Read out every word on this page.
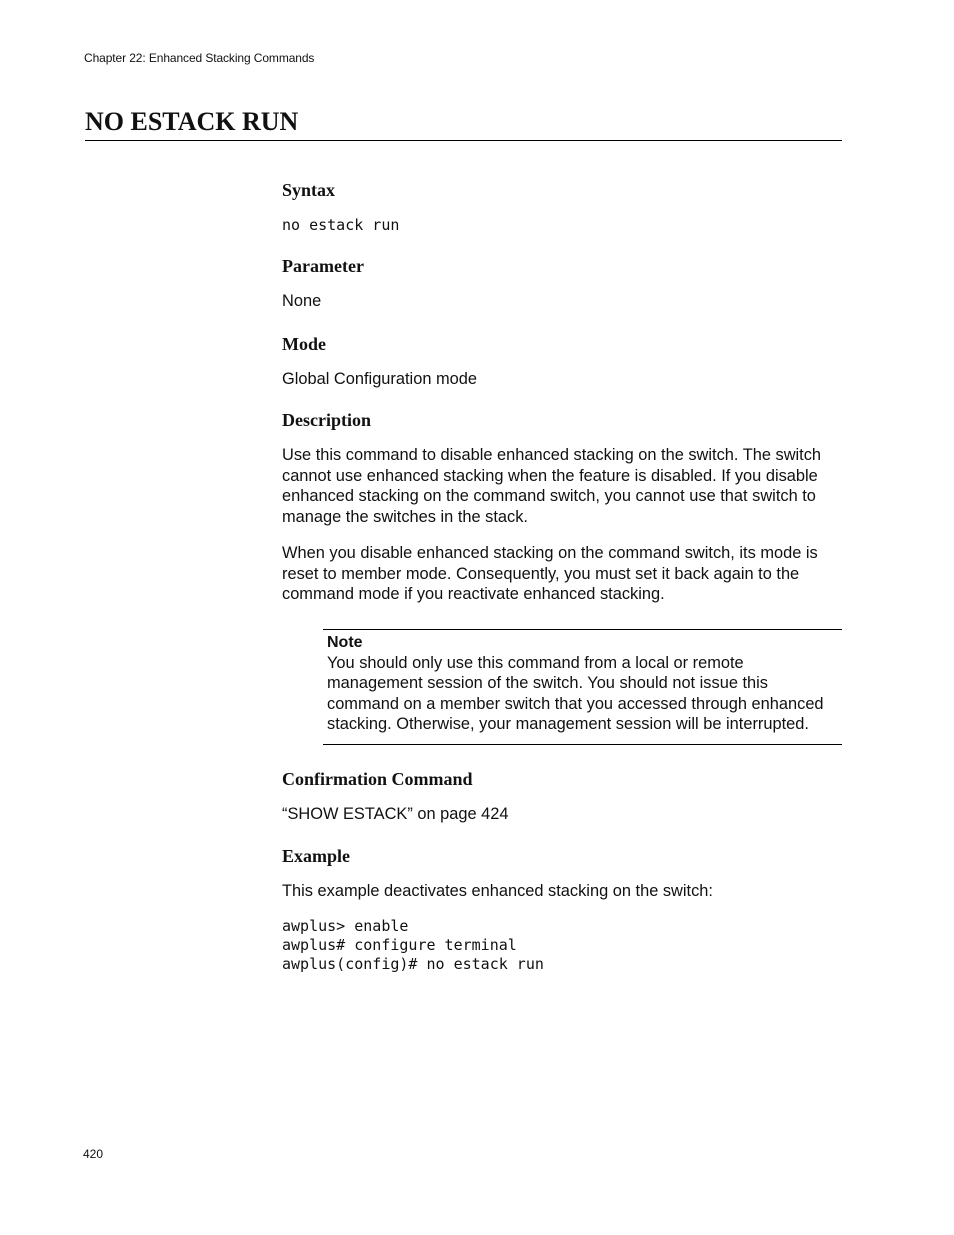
Chapter 22: Enhanced Stacking Commands
NO ESTACK RUN
Syntax

no estack run

Parameter

None

Mode

Global Configuration mode

Description

Use this command to disable enhanced stacking on the switch. The switch cannot use enhanced stacking when the feature is disabled. If you disable enhanced stacking on the command switch, you cannot use that switch to manage the switches in the stack.

When you disable enhanced stacking on the command switch, its mode is reset to member mode. Consequently, you must set it back again to the command mode if you reactivate enhanced stacking.

Note

You should only use this command from a local or remote management session of the switch. You should not issue this command on a member switch that you accessed through enhanced stacking. Otherwise, your management session will be interrupted.

Confirmation Command

“SHOW ESTACK” on page 424

Example

This example deactivates enhanced stacking on the switch:

awplus> enable

awplus# configure terminal

awplus(config)# no estack run

420
